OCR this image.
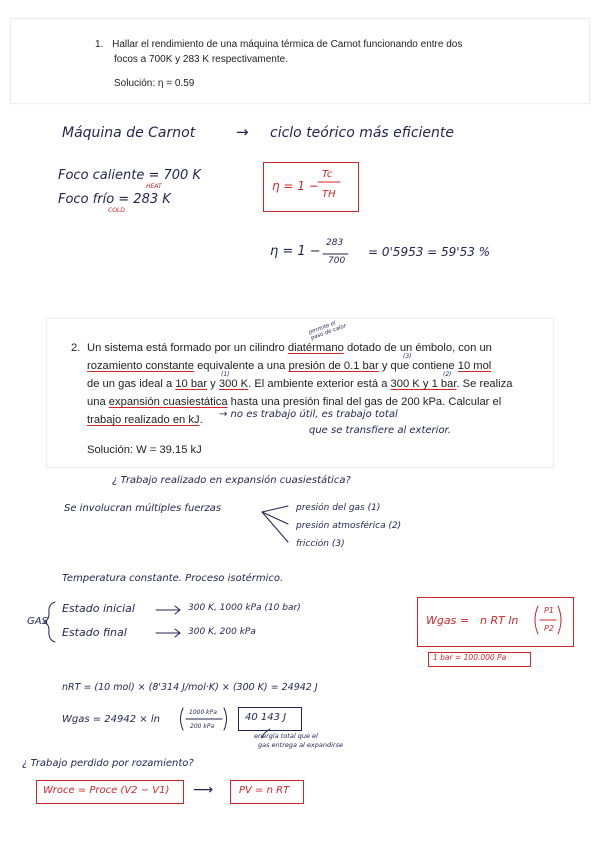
1. Hallar el rendimiento de una máquina térmica de Carnot funcionando entre dos
focos a 700K y 283 K respectivamente.
Solución: η = 0.59
Máquina de Carnot	→ ciclo teórico más eficiente
Foco caliente = 700 K
HEAT
Foco frío = 283 K
COLD
η = 1 −
Tc
TH
η = 1 −
283
700
= 0'5953 = 59'53 %
2. Un sistema está formado por un cilindro diatérmano dotado de un émbolo, con un
rozamiento constante equivalente a una presión de 0.1 bar y que contiene 10 mol
de un gas ideal a 10 bar y 300 K. El ambiente exterior está a 300 K y 1 bar. Se realiza
una expansión cuasiestática hasta una presión final del gas de 200 kPa. Calcular el
trabajo realizado en kJ.
Solución: W = 39.15 kJ
permite el paso de calor
(3)
(1)	(2)
→ no es trabajo útil, es trabajo total
que se transfiere al exterior.
¿ Trabajo realizado en expansión cuasiestática?
Se involucran múltiples fuerzas	presión del gas (1)
presión atmosférica (2)
fricción (3)
Temperatura constante. Proceso isotérmico.
GAS
Estado inicial	300 K, 1000 kPa (10 bar)
Estado final	300 K, 200 kPa
Wgas = n RT ln
P1
P2
1 bar = 100.000 Pa
nRT = (10 mol) × (8'314 J/mol·K) × (300 K) = 24942 J
Wgas = 24942 × ln
1000 kPa
200 kPa
40 143 J
energía total que el
gas entrega al expandirse
¿ Trabajo perdido por rozamiento?
Wroce = Proce (V2 − V1) ⟶	PV = n RT
